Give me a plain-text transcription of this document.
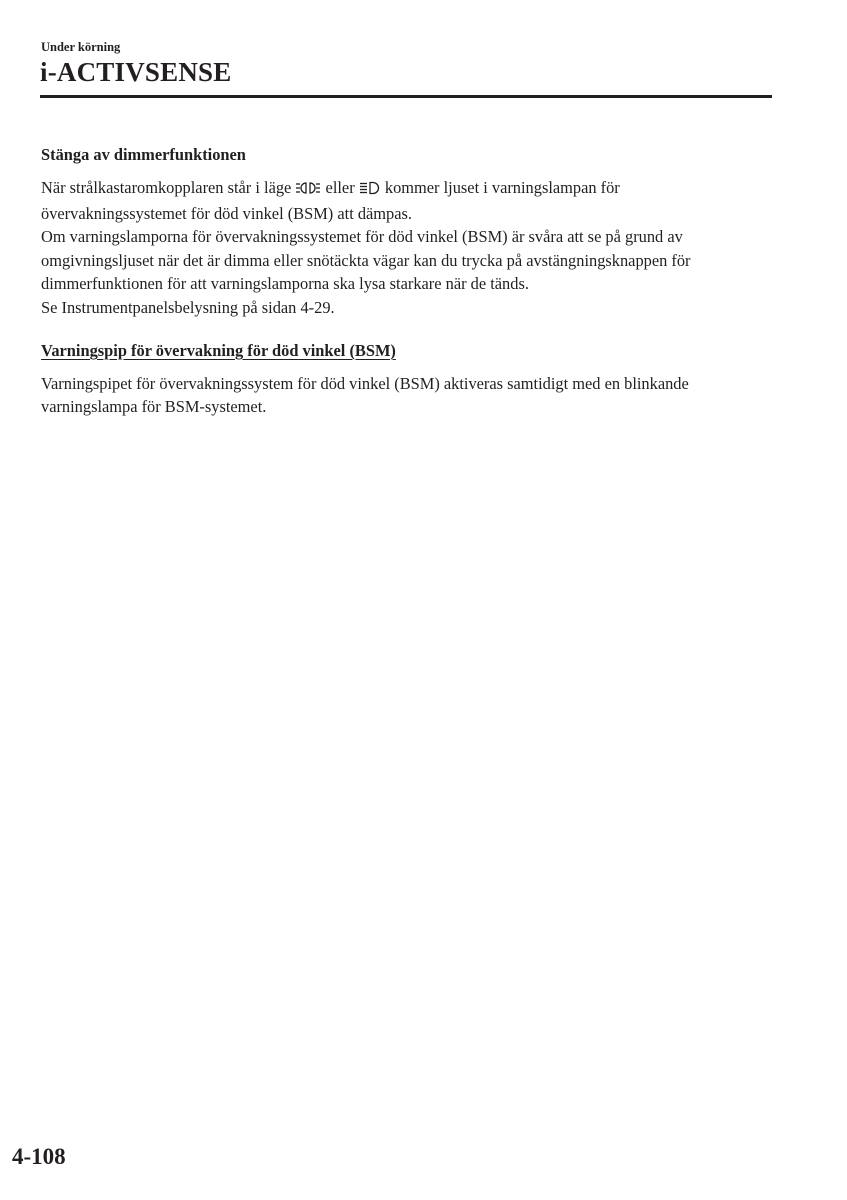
Under körning
i-ACTIVSENSE
Stänga av dimmerfunktionen

När strålkastaromkopplaren står i läge eller kommer ljuset i varningslampan för
övervakningssystemet för död vinkel (BSM) att dämpas.

Om varningslamporna för övervakningssystemet för död vinkel (BSM) är svåra att se på grund av omgivningsljuset när det är dimma eller snötäckta vägar kan du trycka på avstängningsknappen för dimmerfunktionen för att varningslamporna ska lysa starkare när de tänds.

Se Instrumentpanelsbelysning på sidan 4-29.

Varningspip för övervakning för död vinkel (BSM)

Varningspipet för övervakningssystem för död vinkel (BSM) aktiveras samtidigt med en blinkande varningslampa för BSM-systemet.

4-108
